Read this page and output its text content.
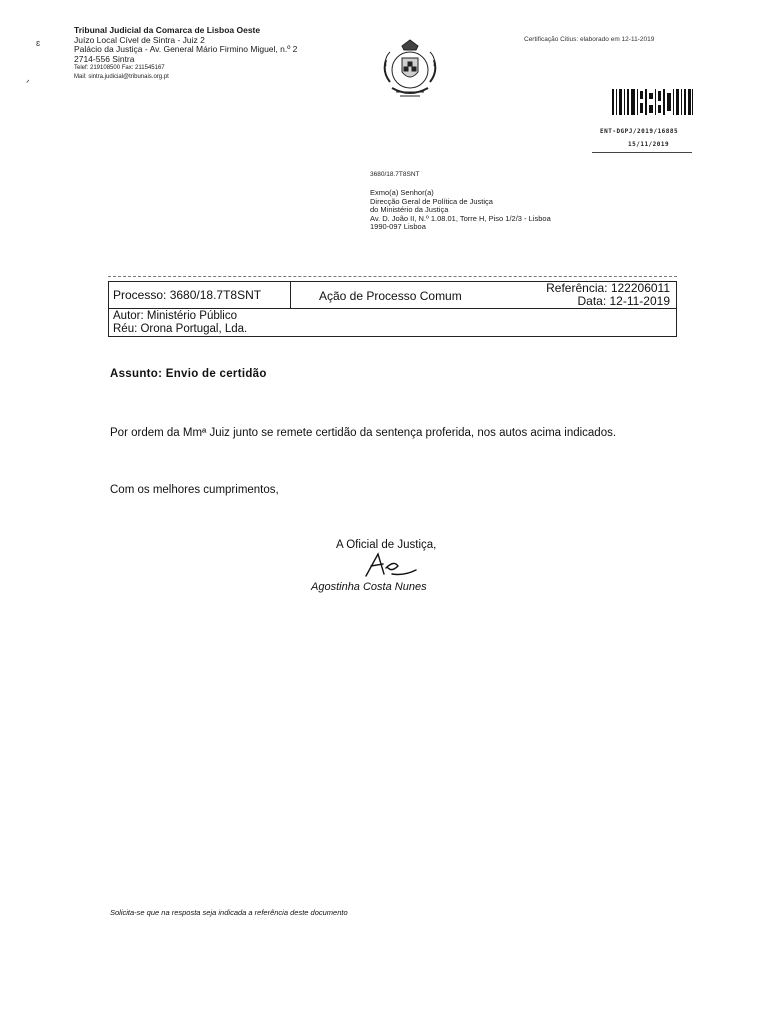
ɛ
ᐟ
Tribunal Judicial da Comarca de Lisboa Oeste
Juízo Local Cível de Sintra - Juiz 2
Palácio da Justiça - Av. General Mário Firmino Miguel, n.º 2
2714-556 Sintra
Telef: 219108500 Fax: 211545167
Mail: sintra.judicial@tribunais.org.pt
Certificação Citius: elaborado em 12-11-2019
ENT-DGPJ/2019/16885
15/11/2019
3680/18.7T8SNT
Exmo(a) Senhor(a)
Direcção Geral de Política de Justiça
do Ministério da Justiça
Av. D. João II, N.º 1.08.01, Torre H, Piso 1/2/3 - Lisboa
1990-097 Lisboa
Processo: 3680/18.7T8SNT	Ação de Processo Comum
Referência: 122206011
Data: 12-11-2019
Autor: Ministério Público
Réu: Orona Portugal, Lda.
Assunto: Envio de certidão
Por ordem da Mmª Juiz junto se remete certidão da sentença proferida, nos autos acima indicados.
Com os melhores cumprimentos,
A Oficial de Justiça,
Agostinha Costa Nunes
Solicita-se que na resposta seja indicada a referência deste documento
